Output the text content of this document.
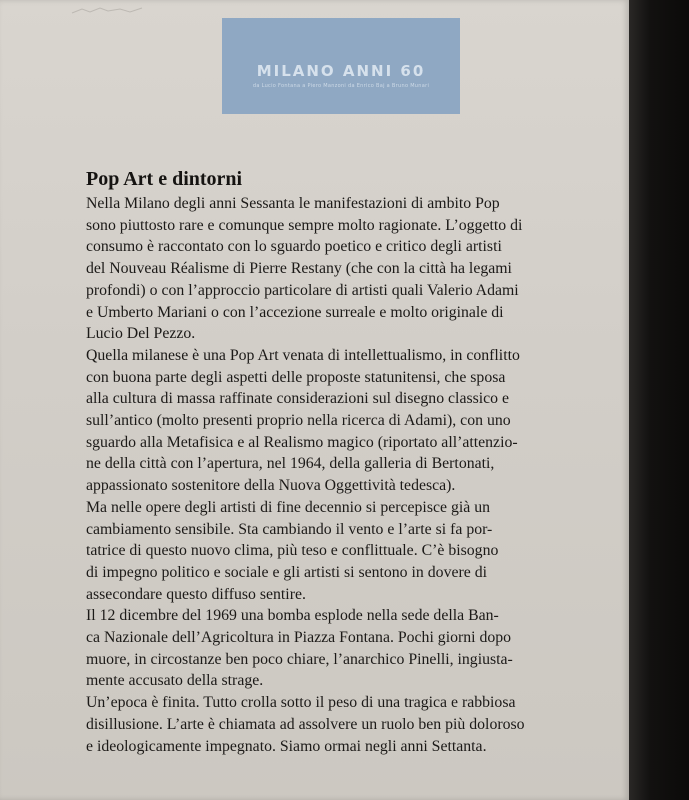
MILANO ANNI 60
da Lucio Fontana a Piero Manzoni da Enrico Baj a Bruno Munari
Pop Art e dintorni

Nella Milano degli anni Sessanta le manifestazioni di ambito Pop
sono piuttosto rare e comunque sempre molto ragionate. L’oggetto di
consumo è raccontato con lo sguardo poetico e critico degli artisti
del Nouveau Réalisme di Pierre Restany (che con la città ha legami
profondi) o con l’approccio particolare di artisti quali Valerio Adami
e Umberto Mariani o con l’accezione surreale e molto originale di
Lucio Del Pezzo.

Quella milanese è una Pop Art venata di intellettualismo, in conflitto
con buona parte degli aspetti delle proposte statunitensi, che sposa
alla cultura di massa raffinate considerazioni sul disegno classico e
sull’antico (molto presenti proprio nella ricerca di Adami), con uno
sguardo alla Metafisica e al Realismo magico (riportato all’attenzio-
ne della città con l’apertura, nel 1964, della galleria di Bertonati,
appassionato sostenitore della Nuova Oggettività tedesca).

Ma nelle opere degli artisti di fine decennio si percepisce già un
cambiamento sensibile. Sta cambiando il vento e l’arte si fa por-
tatrice di questo nuovo clima, più teso e conflittuale. C’è bisogno
di impegno politico e sociale e gli artisti si sentono in dovere di
assecondare questo diffuso sentire.

Il 12 dicembre del 1969 una bomba esplode nella sede della Ban-
ca Nazionale dell’Agricoltura in Piazza Fontana. Pochi giorni dopo
muore, in circostanze ben poco chiare, l’anarchico Pinelli, ingiusta-
mente accusato della strage.

Un’epoca è finita. Tutto crolla sotto il peso di una tragica e rabbiosa
disillusione. L’arte è chiamata ad assolvere un ruolo ben più doloroso
e ideologicamente impegnato. Siamo ormai negli anni Settanta.
